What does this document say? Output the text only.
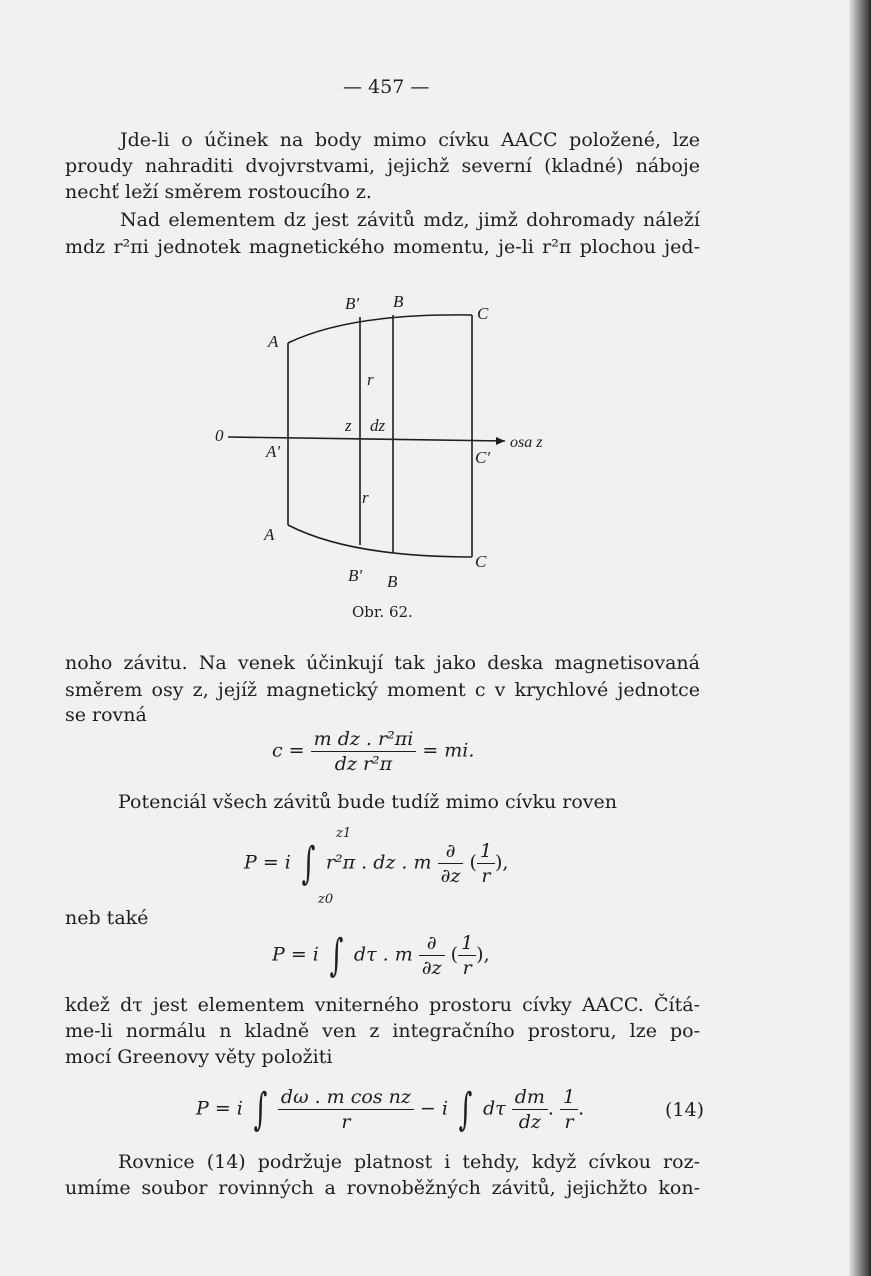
— 457 —
Jde-li o účinek na body mimo cívku AACC položené, lze
proudy nahraditi dvojvrstvami, jejichž severní (kladné) náboje
nechť leží směrem rostoucího z.
Nad elementem dz jest závitů mdz, jimž dohromady náleží
mdz r²πi jednotek magnetického momentu, je-li r²π plochou jed-
B' B
C
A
r
z dz
0
A'	C'
osa z
r
A
C
B' B
Obr. 62.
noho závitu. Na venek účinkují tak jako deska magnetisovaná
směrem osy z, jejíž magnetický moment c v krychlové jednotce
se rovná
$c = \frac{\text{m dz . r²πi}}{\text{dz r²π}}$ = mi.
Potenciál všech závitů bude tudíž mimo cívku roven
z1
P = i ∫ r²π . dz . m $\frac{\partial}{\partial z}$ ( $\frac{1}{r}$ ),
z0
neb také
P = i ∫ dτ . m $\frac{\partial}{\partial z}$ ( $\frac{1}{r}$ ),
kdež dτ jest elementem vniterného prostoru cívky AACC. Čítá-
me-li normálu n kladně ven z integračního prostoru, lze po-
mocí Greenovy věty položiti
P = i ∫ $\frac{\text{dω . m cos nz}}{r} - i$ ∫ dτ $\frac{dm}{dz}$ . $\frac{1}{r}$ .	(14)
Rovnice (14) podržuje platnost i tehdy, když cívkou roz-
umíme soubor rovinných a rovnoběžných závitů, jejichžto kon-
